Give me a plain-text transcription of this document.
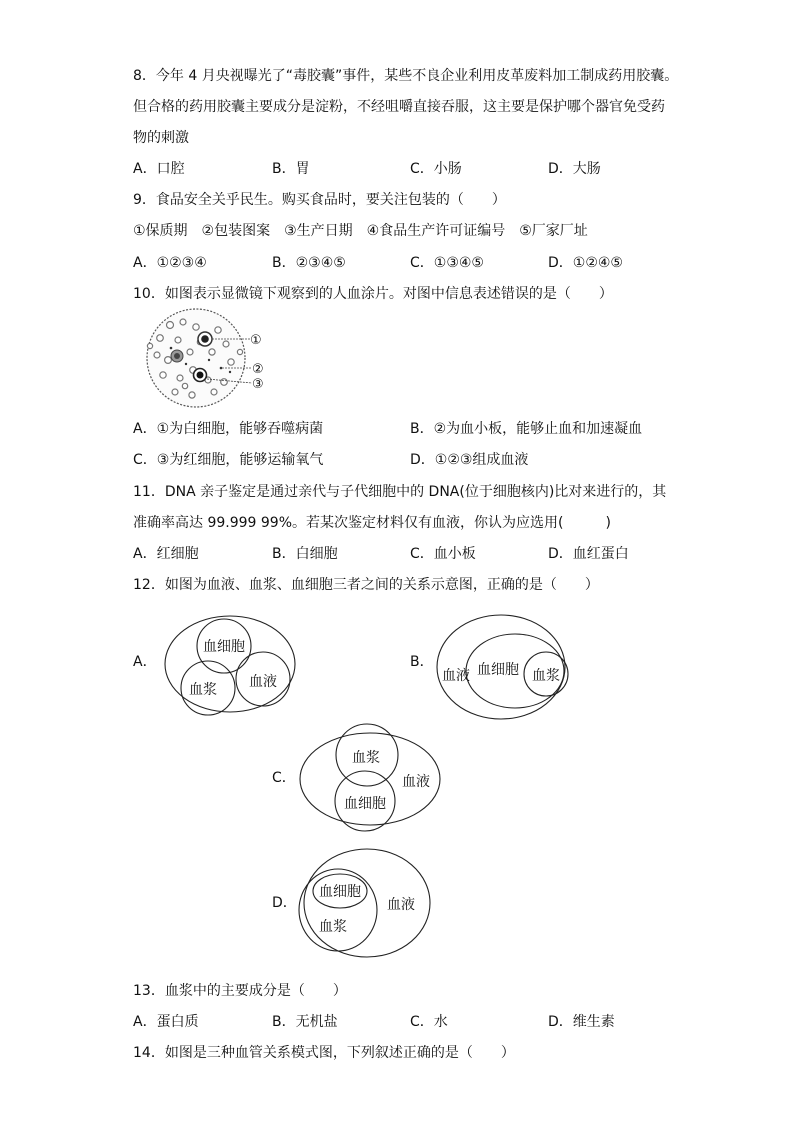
8．今年 4 月央视曝光了“毒胶囊”事件，某些不良企业利用皮革废料加工制成药用胶囊。
但合格的药用胶囊主要成分是淀粉，不经咀嚼直接吞服，这主要是保护哪个器官免受药
物的刺激
A．口腔	B．胃	C．小肠	D．大肠
9．食品安全关乎民生。购买食品时，要关注包装的（　　）
①保质期　②包装图案　③生产日期　④食品生产许可证编号　⑤厂家厂址
A．①②③④	B．②③④⑤	C．①③④⑤	D．①②④⑤
10．如图表示显微镜下观察到的人血涂片。对图中信息表述错误的是（　　）
①
②
③
A．①为白细胞，能够吞噬病菌	B．②为血小板，能够止血和加速凝血
C．③为红细胞，能够运输氧气	D．①②③组成血液
11．DNA 亲子鉴定是通过亲代与子代细胞中的 DNA(位于细胞核内)比对来进行的，其
准确率高达 99.999 99%。若某次鉴定材料仅有血液，你认为应选用(　　　)
A．红细胞	B．白细胞	C．血小板	D．血红蛋白
12．如图为血液、血浆、血细胞三者之间的关系示意图，正确的是（　　）
A．	B．
C．
D．
血细胞
血浆 血液	血液 血细胞 血浆
血浆
血细胞
血液
血细胞
血浆
血液
13．血浆中的主要成分是（　　）
A．蛋白质	B．无机盐	C．水	D．维生素
14．如图是三种血管关系模式图，下列叙述正确的是（　　）
